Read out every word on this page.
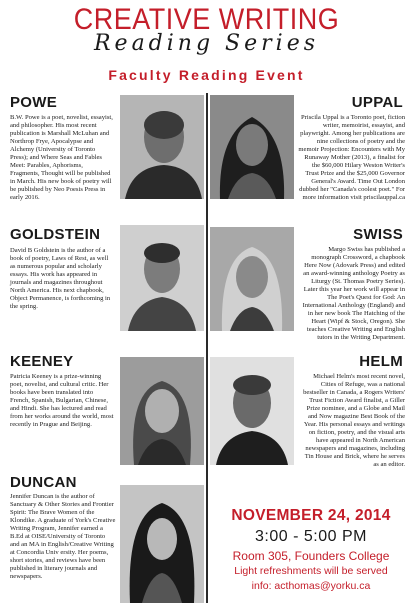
CREATIVE WRITING
Reading Series
Faculty Reading Event
POWE
B.W. Powe is a poet, novelist, essayist, and philosopher. His most recent publication is Marshall McLuhan and Northrop Frye, Apocalypse and Alchemy (University of Toronto Press); and Where Seas and Fables Meet: Parables, Aphorisms, Fragments, Thought will be published in March. His new book of poetry will be published by Neo Poesis Press in early 2016.
UPPAL
Priscila Uppal is a Toronto poet, fiction writer, memoirist, essayist, and playwright. Among her publications are nine collections of poetry and the memoir Projection: Encounters with My Runaway Mother (2013), a finalist for the $60,000 Hilary Weston Writer's Trust Prize and the $25,000 Governor General's Award. Time Out London dubbed her "Canada's coolest poet." For more information visit priscilauppal.ca
GOLDSTEIN
David B Goldstein is the author of a book of poetry, Laws of Rest, as well as numerous popular and scholarly essays. His work has appeared in journals and magazines throughout North America. His next chapbook, Object Permanence, is forthcoming in the spring.
SWISS
Margo Swiss has published a monograph Crossword, a chapbook Here Now (Adovark Press) and edited an award-winning anthology Poetry as Liturgy (St. Thomas Poetry Series). Later this year her work will appear in The Poet's Quest for God: An International Anthology (England) and in her new book The Hatching of the Heart (Wipf & Stock, Oregon). She teaches Creative Writing and English tutors in the Writing Department.
KEENEY
Patricia Keeney is a prize-winning poet, novelist, and cultural critic. Her books have been translated into French, Spanish, Bulgarian, Chinese, and Hindi. She has lectured and read from her works around the world, most recently in Prague and Beijing.
HELM
Michael Helm's most recent novel, Cities of Refuge, was a national bestseller in Canada, a Rogers Writers' Trust Fiction Award finalist, a Giller Prize nominee, and a Globe and Mail and Now magazine Best Book of the Year. His personal essays and writings on fiction, poetry, and the visual arts have appeared in North American newspapers and magazines, including Tin House and Brick, where he serves as an editor.
DUNCAN
Jennifer Duncan is the author of Sanctuary & Other Stories and Frontier Spirit: The Brave Women of the Klondike. A graduate of York's Creative Writing Program, Jennifer earned a B.Ed at OISE/University of Toronto and an MA in English/Creative Writing at Concordia Univ ersity. Her poems, short stories, and reviews have been published in literary journals and newspapers.
NOVEMBER 24, 2014
3:00 - 5:00 PM
Room 305, Founders College
Light refreshments will be served
info: acthomas@yorku.ca
